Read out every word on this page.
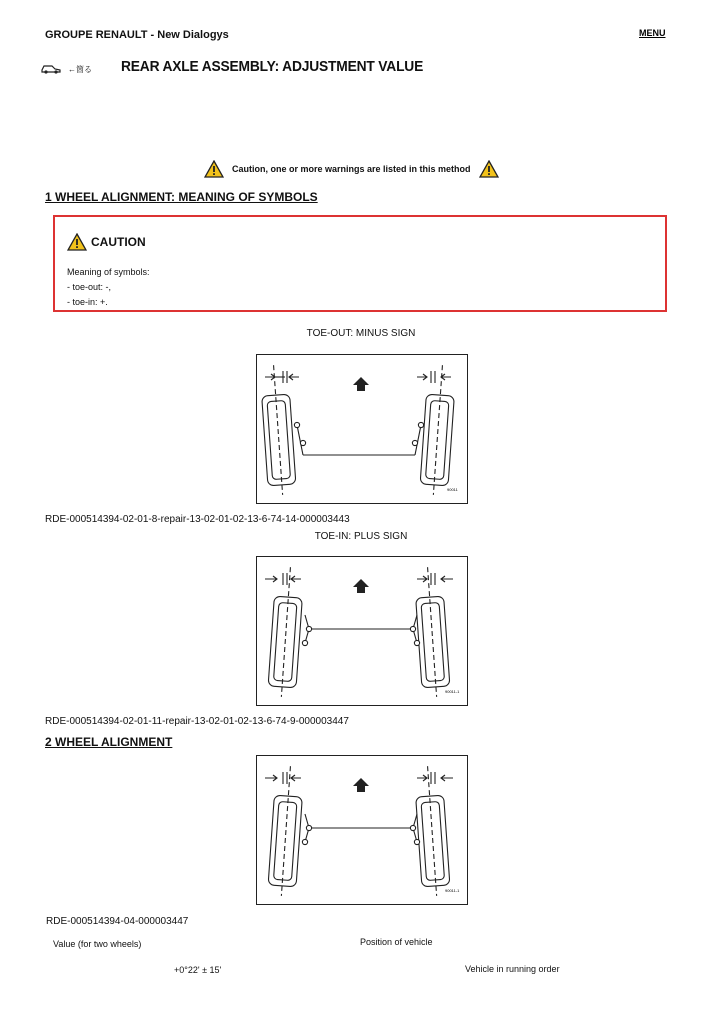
GROUPE RENAULT - New Dialogys	MENU
←箇る REAR AXLE ASSEMBLY: ADJUSTMENT VALUE
Caution, one or more warnings are listed in this method
1 WHEEL ALIGNMENT: MEANING OF SYMBOLS
CAUTION
Meaning of symbols:
- toe-out: -,
- toe-in: +.
TOE-OUT: MINUS SIGN
90011
RDE-000514394-02-01-8-repair-13-02-01-02-13-6-74-14-000003443
TOE-IN: PLUS SIGN
90011-1
RDE-000514394-02-01-11-repair-13-02-01-02-13-6-74-9-000003447
2 WHEEL ALIGNMENT
90011-1
RDE-000514394-04-000003447
Value (for two wheels)	Position of vehicle
+0°22' ± 15'	Vehicle in running order
